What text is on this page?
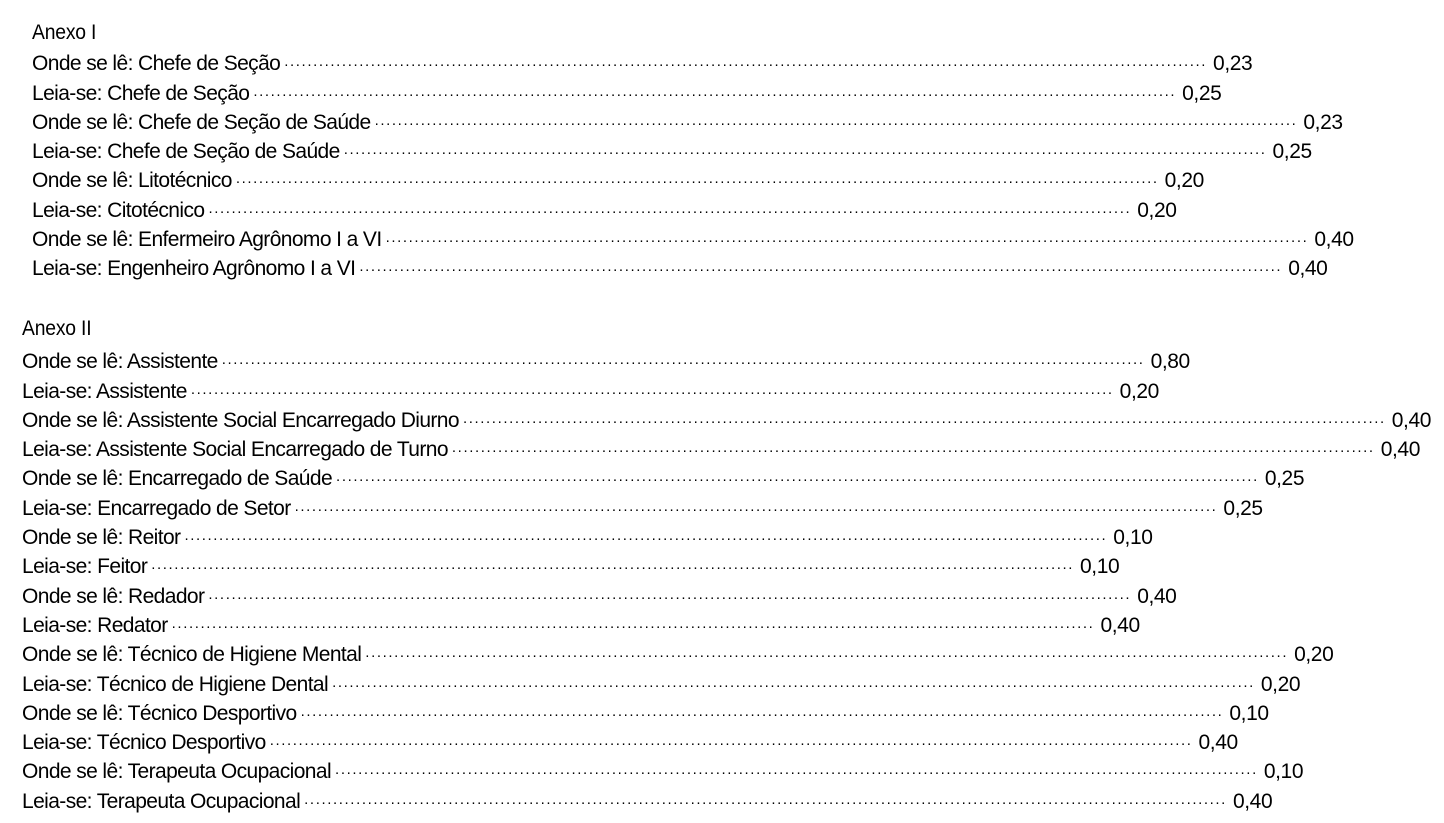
Anexo I
Onde se lê: Chefe de Seção ................................................................................................................................................................ 0,23
Leia-se: Chefe de Seção ................................................................................................................................................................ 0,25
Onde se lê: Chefe de Seção de Saúde ................................................................................................................................................................ 0,23
Leia-se: Chefe de Seção de Saúde ................................................................................................................................................................ 0,25
Onde se lê: Litotécnico ................................................................................................................................................................ 0,20
Leia-se: Citotécnico ................................................................................................................................................................ 0,20
Onde se lê: Enfermeiro Agrônomo I a VI ................................................................................................................................................................ 0,40
Leia-se: Engenheiro Agrônomo I a VI ................................................................................................................................................................ 0,40
Anexo II
Onde se lê: Assistente ................................................................................................................................................................ 0,80
Leia-se: Assistente ................................................................................................................................................................ 0,20
Onde se lê: Assistente Social Encarregado Diurno ................................................................................................................................................................ 0,40
Leia-se: Assistente Social Encarregado de Turno ................................................................................................................................................................ 0,40
Onde se lê: Encarregado de Saúde ................................................................................................................................................................ 0,25
Leia-se: Encarregado de Setor ................................................................................................................................................................ 0,25
Onde se lê: Reitor ................................................................................................................................................................ 0,10
Leia-se: Feitor ................................................................................................................................................................ 0,10
Onde se lê: Redador ................................................................................................................................................................ 0,40
Leia-se: Redator ................................................................................................................................................................ 0,40
Onde se lê: Técnico de Higiene Mental ................................................................................................................................................................ 0,20
Leia-se: Técnico de Higiene Dental ................................................................................................................................................................ 0,20
Onde se lê: Técnico Desportivo ................................................................................................................................................................ 0,10
Leia-se: Técnico Desportivo ................................................................................................................................................................ 0,40
Onde se lê: Terapeuta Ocupacional ................................................................................................................................................................ 0,10
Leia-se: Terapeuta Ocupacional ................................................................................................................................................................ 0,40
